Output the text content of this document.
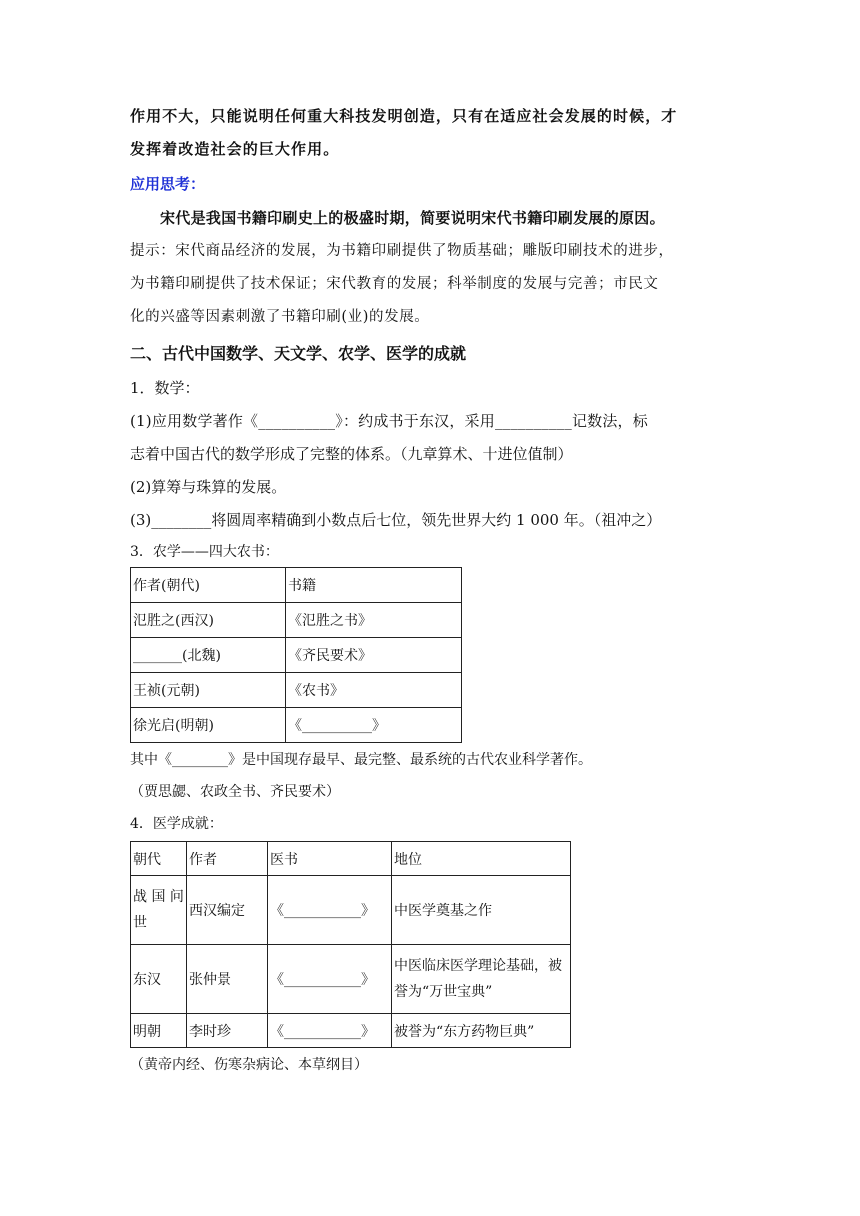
作用不大，只能说明任何重大科技发明创造，只有在适应社会发展的时候，才
发挥着改造社会的巨大作用。
应用思考：
宋代是我国书籍印刷史上的极盛时期，简要说明宋代书籍印刷发展的原因。
提示：宋代商品经济的发展，为书籍印刷提供了物质基础；雕版印刷技术的进步，
为书籍印刷提供了技术保证；宋代教育的发展；科举制度的发展与完善；市民文
化的兴盛等因素刺激了书籍印刷(业)的发展。
二、古代中国数学、天文学、农学、医学的成就
1．数学：
(1)应用数学著作《__________》：约成书于东汉，采用__________记数法，标
志着中国古代的数学形成了完整的体系。（九章算术、十进位值制）
(2)算筹与珠算的发展。
(3)________将圆周率精确到小数点后七位，领先世界大约 1 000 年。（祖冲之）
3．农学——四大农书：
作者(朝代)	书籍
氾胜之(西汉)	《氾胜之书》
_______(北魏)	《齐民要术》
王祯(元朝)	《农书》
徐光启(明朝)	《__________》
其中《________》是中国现存最早、最完整、最系统的古代农业科学著作。
（贾思勰、农政全书、齐民要术）
4．医学成就：
朝代	作者	医书	地位
战 国 问 世	西汉编定	《___________》	中医学奠基之作
东汉	张仲景	《___________》	中医临床医学理论基础，被誉为“万世宝典”
明朝	李时珍	《___________》	被誉为“东方药物巨典”
（黄帝内经、伤寒杂病论、本草纲目）
